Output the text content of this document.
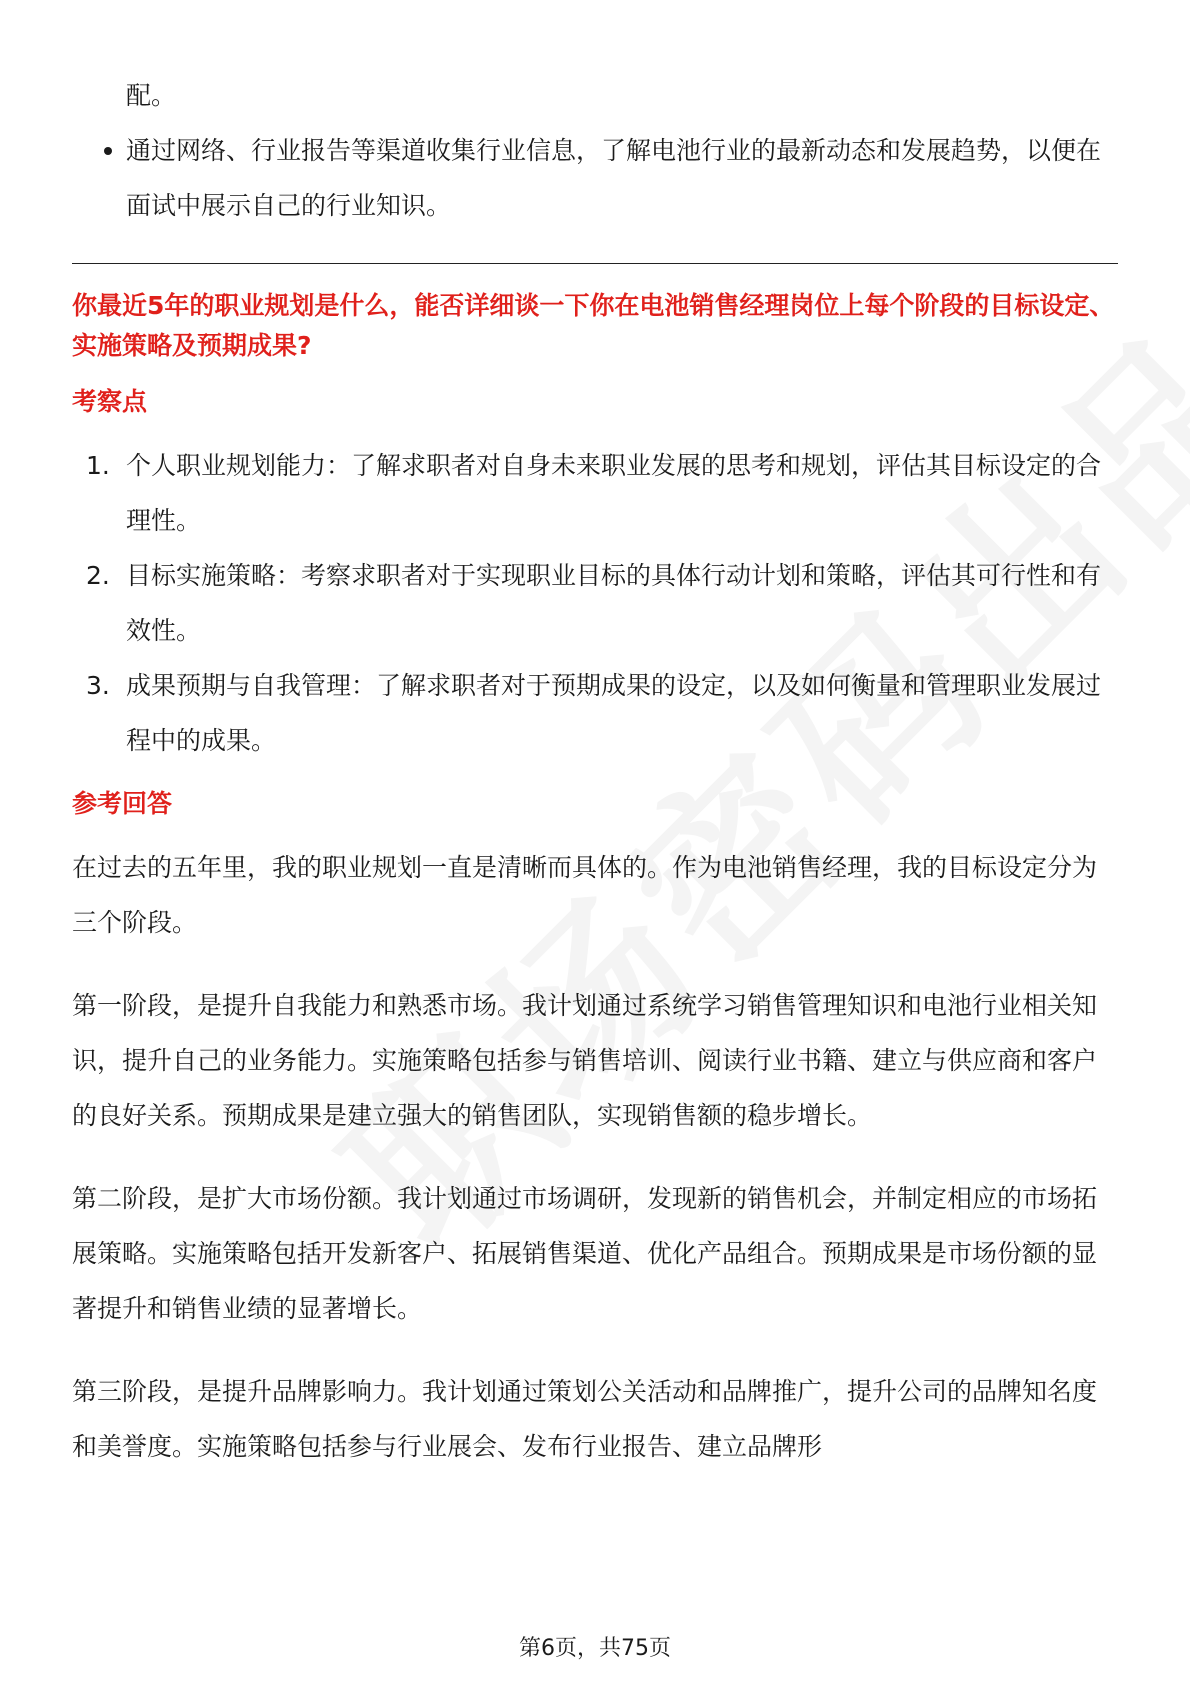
配。
通过网络、行业报告等渠道收集行业信息，了解电池行业的最新动态和发展趋势，以便在面试中展示自己的行业知识。

你最近5年的职业规划是什么，能否详细谈一下你在电池销售经理岗位上每个阶段的目标设定、实施策略及预期成果?

考察点
1. 个人职业规划能力：了解求职者对自身未来职业发展的思考和规划，评估其目标设定的合理性。
2. 目标实施策略：考察求职者对于实现职业目标的具体行动计划和策略，评估其可行性和有效性。
3. 成果预期与自我管理：了解求职者对于预期成果的设定，以及如何衡量和管理职业发展过程中的成果。
参考回答

在过去的五年里，我的职业规划一直是清晰而具体的。作为电池销售经理，我的目标设定分为三个阶段。

第一阶段，是提升自我能力和熟悉市场。我计划通过系统学习销售管理知识和电池行业相关知识，提升自己的业务能力。实施策略包括参与销售培训、阅读行业书籍、建立与供应商和客户的良好关系。预期成果是建立强大的销售团队，实现销售额的稳步增长。

第二阶段，是扩大市场份额。我计划通过市场调研，发现新的销售机会，并制定相应的市场拓展策略。实施策略包括开发新客户、拓展销售渠道、优化产品组合。预期成果是市场份额的显著提升和销售业绩的显著增长。

第三阶段，是提升品牌影响力。我计划通过策划公关活动和品牌推广，提升公司的品牌知名度和美誉度。实施策略包括参与行业展会、发布行业报告、建立品牌形

第6页，共75页
